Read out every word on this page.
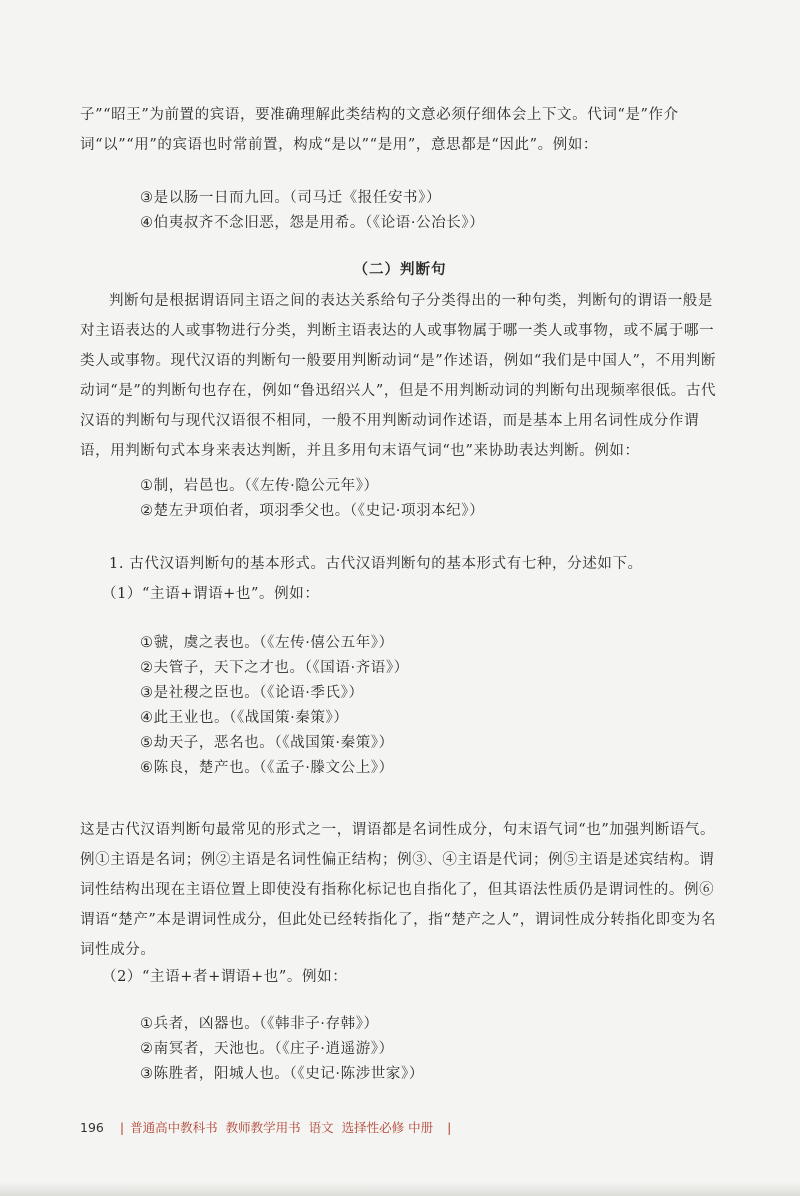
子”“昭王”为前置的宾语，要准确理解此类结构的文意必须仔细体会上下文。代词“是”作介词“以”“用”的宾语也时常前置，构成“是以”“是用”，意思都是“因此”。例如：

③是以肠一日而九回。（司马迁《报任安书》）
④伯夷叔齐不念旧恶，怨是用希。（《论语·公冶长》）
（二）判断句

判断句是根据谓语同主语之间的表达关系给句子分类得出的一种句类，判断句的谓语一般是对主语表达的人或事物进行分类，判断主语表达的人或事物属于哪一类人或事物，或不属于哪一类人或事物。现代汉语的判断句一般要用判断动词“是”作述语，例如“我们是中国人”，不用判断动词“是”的判断句也存在，例如“鲁迅绍兴人”，但是不用判断动词的判断句出现频率很低。古代汉语的判断句与现代汉语很不相同，一般不用判断动词作述语，而是基本上用名词性成分作谓语，用判断句式本身来表达判断，并且多用句末语气词“也”来协助表达判断。例如：

①制，岩邑也。（《左传·隐公元年》）
②楚左尹项伯者，项羽季父也。（《史记·项羽本纪》）

1. 古代汉语判断句的基本形式。古代汉语判断句的基本形式有七种，分述如下。

（1）“主语+谓语+也”。例如：

①虢，虞之表也。（《左传·僖公五年》）
②夫管子，天下之才也。（《国语·齐语》）
③是社稷之臣也。（《论语·季氏》）
④此王业也。（《战国策·秦策》）
⑤劫天子，恶名也。（《战国策·秦策》）
⑥陈良，楚产也。（《孟子·滕文公上》）

这是古代汉语判断句最常见的形式之一，谓语都是名词性成分，句末语气词“也”加强判断语气。例①主语是名词；例②主语是名词性偏正结构；例③、④主语是代词；例⑤主语是述宾结构。谓词性结构出现在主语位置上即使没有指称化标记也自指化了，但其语法性质仍是谓词性的。例⑥谓语“楚产”本是谓词性成分，但此处已经转指化了，指“楚产之人”，谓词性成分转指化即变为名词性成分。

（2）“主语+者+谓语+也”。例如：

①兵者，凶器也。（《韩非子·存韩》）
②南冥者，天池也。（《庄子·逍遥游》）
③陈胜者，阳城人也。（《史记·陈涉世家》）
196 | 普通高中教科书 教师教学用书 语文 选择性必修 中册 |
